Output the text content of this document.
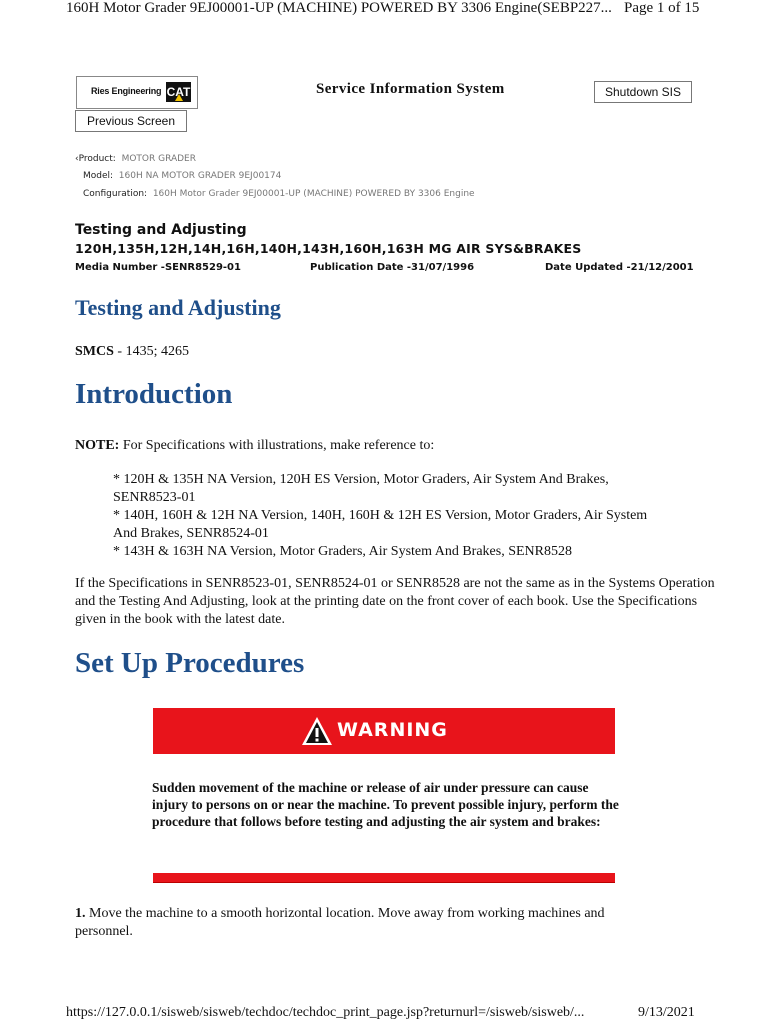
160H Motor Grader 9EJ00001-UP (MACHINE) POWERED BY 3306 Engine(SEBP227... Page 1 of 15
Ries Engineering CAT	Service Information System	Shutdown SIS
Previous Screen
‹Product: MOTOR GRADER
Model: 160H NA MOTOR GRADER 9EJ00174
Configuration: 160H Motor Grader 9EJ00001-UP (MACHINE) POWERED BY 3306 Engine
Testing and Adjusting
120H,135H,12H,14H,16H,140H,143H,160H,163H MG AIR SYS&BRAKES
Media Number -SENR8529-01	Publication Date -31/07/1996	Date Updated -21/12/2001
Testing and Adjusting
SMCS - 1435; 4265
Introduction
NOTE: For Specifications with illustrations, make reference to:
* 120H & 135H NA Version, 120H ES Version, Motor Graders, Air System And Brakes, SENR8523-01
* 140H, 160H & 12H NA Version, 140H, 160H & 12H ES Version, Motor Graders, Air System And Brakes, SENR8524-01
* 143H & 163H NA Version, Motor Graders, Air System And Brakes, SENR8528
If the Specifications in SENR8523-01, SENR8524-01 or SENR8528 are not the same as in the Systems Operation and the Testing And Adjusting, look at the printing date on the front cover of each book. Use the Specifications given in the book with the latest date.
Set Up Procedures
WARNING
Sudden movement of the machine or release of air under pressure can cause injury to persons on or near the machine. To prevent possible injury, perform the procedure that follows before testing and adjusting the air system and brakes:
1. Move the machine to a smooth horizontal location. Move away from working machines and personnel.
https://127.0.0.1/sisweb/sisweb/techdoc/techdoc_print_page.jsp?returnurl=/sisweb/sisweb/...	9/13/2021
